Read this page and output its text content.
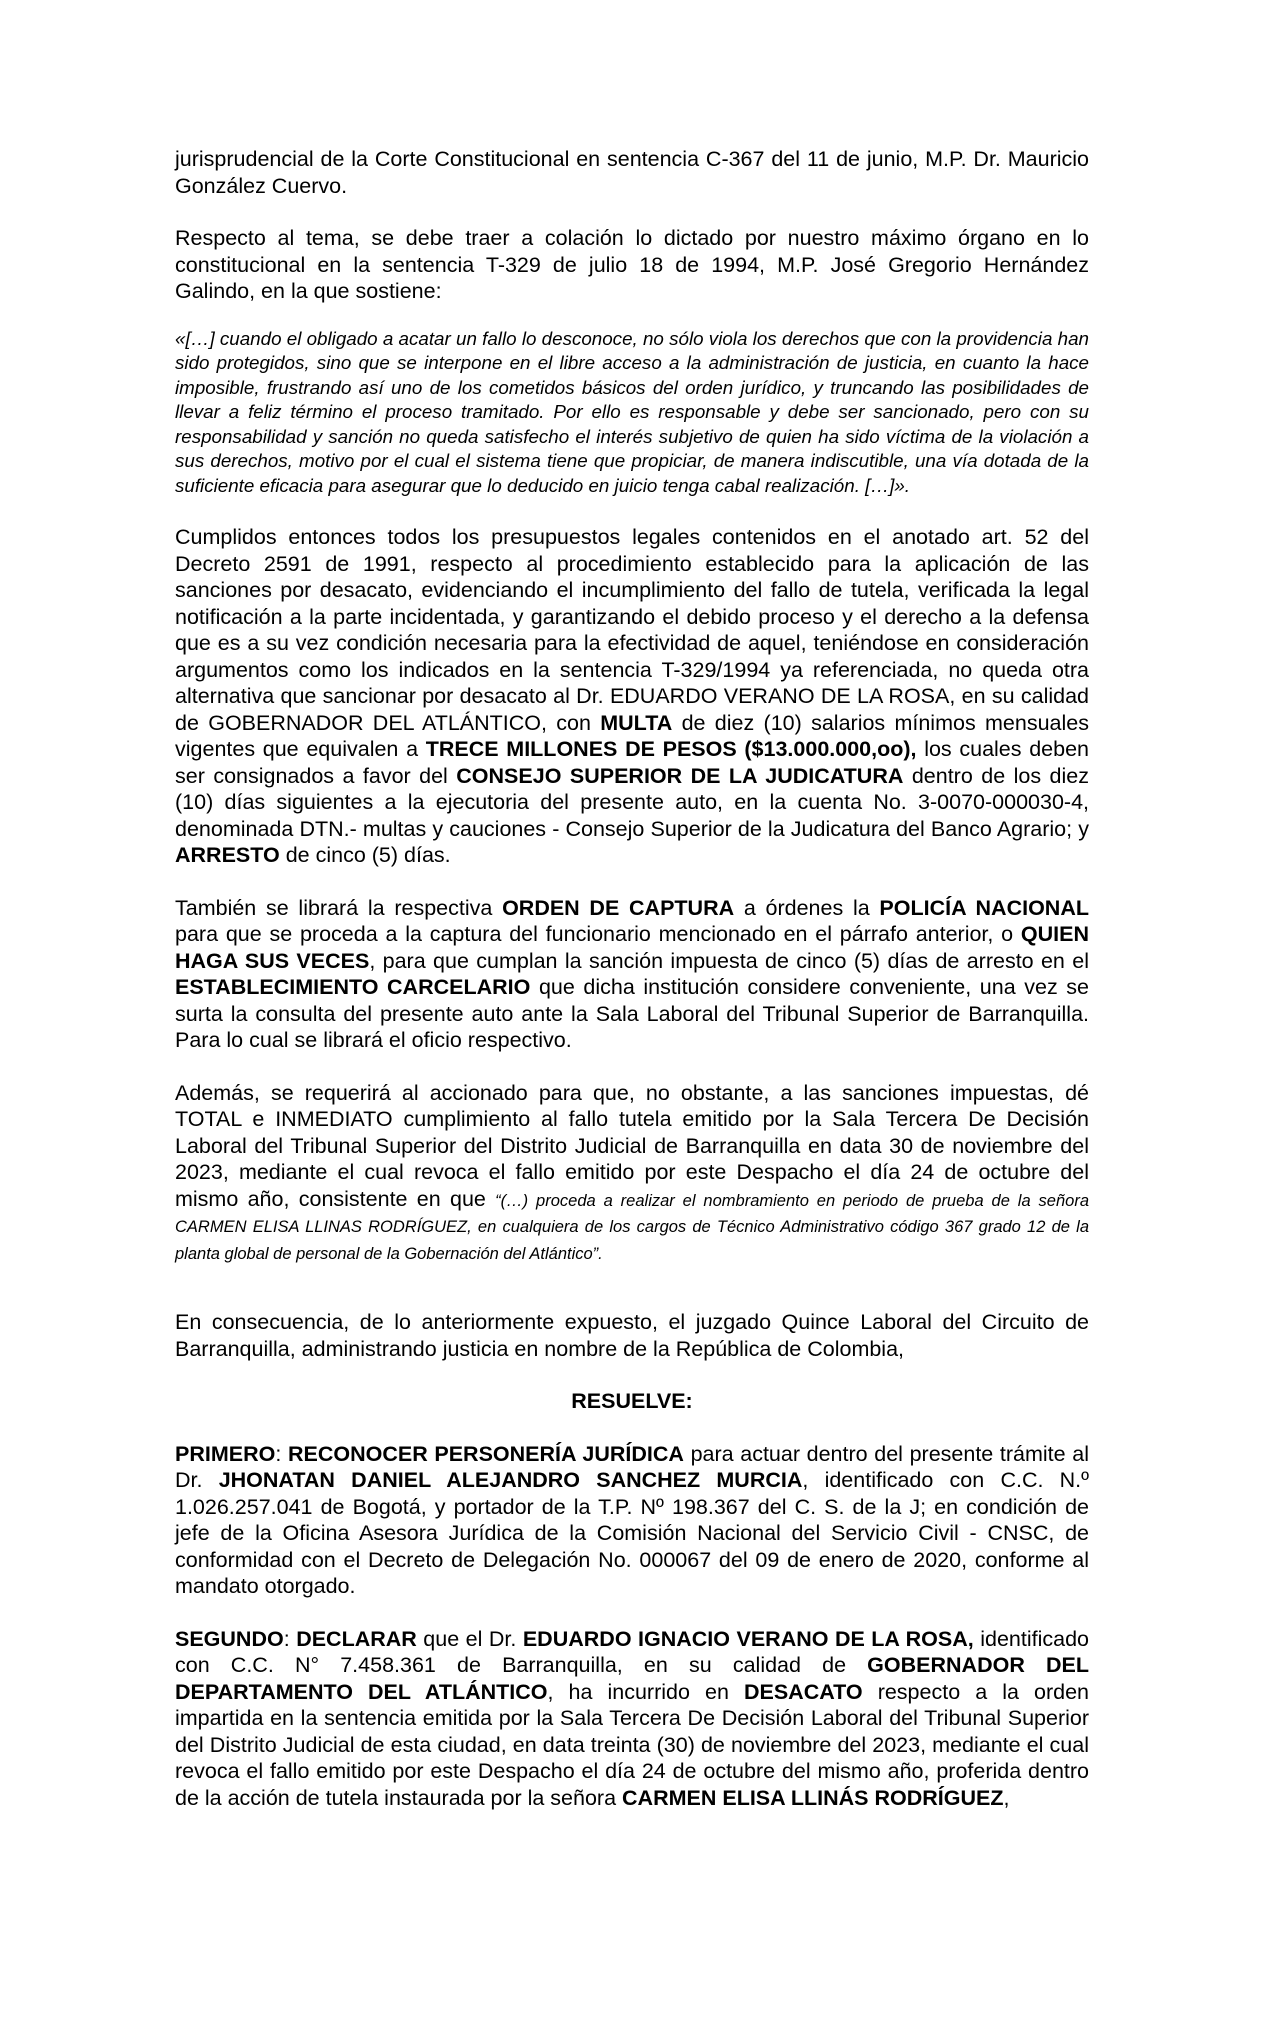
jurisprudencial de la Corte Constitucional en sentencia C-367 del 11 de junio, M.P. Dr. Mauricio González Cuervo.

Respecto al tema, se debe traer a colación lo dictado por nuestro máximo órgano en lo constitucional en la sentencia T-329 de julio 18 de 1994, M.P. José Gregorio Hernández Galindo, en la que sostiene:

«[…] cuando el obligado a acatar un fallo lo desconoce, no sólo viola los derechos que con la providencia han sido protegidos, sino que se interpone en el libre acceso a la administración de justicia, en cuanto la hace imposible, frustrando así uno de los cometidos básicos del orden jurídico, y truncando las posibilidades de llevar a feliz término el proceso tramitado. Por ello es responsable y debe ser sancionado, pero con su responsabilidad y sanción no queda satisfecho el interés subjetivo de quien ha sido víctima de la violación a sus derechos, motivo por el cual el sistema tiene que propiciar, de manera indiscutible, una vía dotada de la suficiente eficacia para asegurar que lo deducido en juicio tenga cabal realización. […]».

Cumplidos entonces todos los presupuestos legales contenidos en el anotado art. 52 del Decreto 2591 de 1991, respecto al procedimiento establecido para la aplicación de las sanciones por desacato, evidenciando el incumplimiento del fallo de tutela, verificada la legal notificación a la parte incidentada, y garantizando el debido proceso y el derecho a la defensa que es a su vez condición necesaria para la efectividad de aquel, teniéndose en consideración argumentos como los indicados en la sentencia T-329/1994 ya referenciada, no queda otra alternativa que sancionar por desacato al Dr. EDUARDO VERANO DE LA ROSA, en su calidad de GOBERNADOR DEL ATLÁNTICO, con MULTA de diez (10) salarios mínimos mensuales vigentes que equivalen a TRECE MILLONES DE PESOS ($13.000.000,oo), los cuales deben ser consignados a favor del CONSEJO SUPERIOR DE LA JUDICATURA dentro de los diez (10) días siguientes a la ejecutoria del presente auto, en la cuenta No. 3-0070-000030-4, denominada DTN.- multas y cauciones - Consejo Superior de la Judicatura del Banco Agrario; y ARRESTO de cinco (5) días.

También se librará la respectiva ORDEN DE CAPTURA a órdenes la POLICÍA NACIONAL para que se proceda a la captura del funcionario mencionado en el párrafo anterior, o QUIEN HAGA SUS VECES, para que cumplan la sanción impuesta de cinco (5) días de arresto en el ESTABLECIMIENTO CARCELARIO que dicha institución considere conveniente, una vez se surta la consulta del presente auto ante la Sala Laboral del Tribunal Superior de Barranquilla. Para lo cual se librará el oficio respectivo.

Además, se requerirá al accionado para que, no obstante, a las sanciones impuestas, dé TOTAL e INMEDIATO cumplimiento al fallo tutela emitido por la Sala Tercera De Decisión Laboral del Tribunal Superior del Distrito Judicial de Barranquilla en data 30 de noviembre del 2023, mediante el cual revoca el fallo emitido por este Despacho el día 24 de octubre del mismo año, consistente en que “(…) proceda a realizar el nombramiento en periodo de prueba de la señora CARMEN ELISA LLINAS RODRÍGUEZ, en cualquiera de los cargos de Técnico Administrativo código 367 grado 12 de la planta global de personal de la Gobernación del Atlántico”.

En consecuencia, de lo anteriormente expuesto, el juzgado Quince Laboral del Circuito de Barranquilla, administrando justicia en nombre de la República de Colombia,

RESUELVE:

PRIMERO: RECONOCER PERSONERÍA JURÍDICA para actuar dentro del presente trámite al Dr. JHONATAN DANIEL ALEJANDRO SANCHEZ MURCIA, identificado con C.C. N.º 1.026.257.041 de Bogotá, y portador de la T.P. Nº 198.367 del C. S. de la J; en condición de jefe de la Oficina Asesora Jurídica de la Comisión Nacional del Servicio Civil - CNSC, de conformidad con el Decreto de Delegación No. 000067 del 09 de enero de 2020, conforme al mandato otorgado.

SEGUNDO: DECLARAR que el Dr. EDUARDO IGNACIO VERANO DE LA ROSA, identificado con C.C. N° 7.458.361 de Barranquilla, en su calidad de GOBERNADOR DEL DEPARTAMENTO DEL ATLÁNTICO, ha incurrido en DESACATO respecto a la orden impartida en la sentencia emitida por la Sala Tercera De Decisión Laboral del Tribunal Superior del Distrito Judicial de esta ciudad, en data treinta (30) de noviembre del 2023, mediante el cual revoca el fallo emitido por este Despacho el día 24 de octubre del mismo año, proferida dentro de la acción de tutela instaurada por la señora CARMEN ELISA LLINÁS RODRÍGUEZ,
